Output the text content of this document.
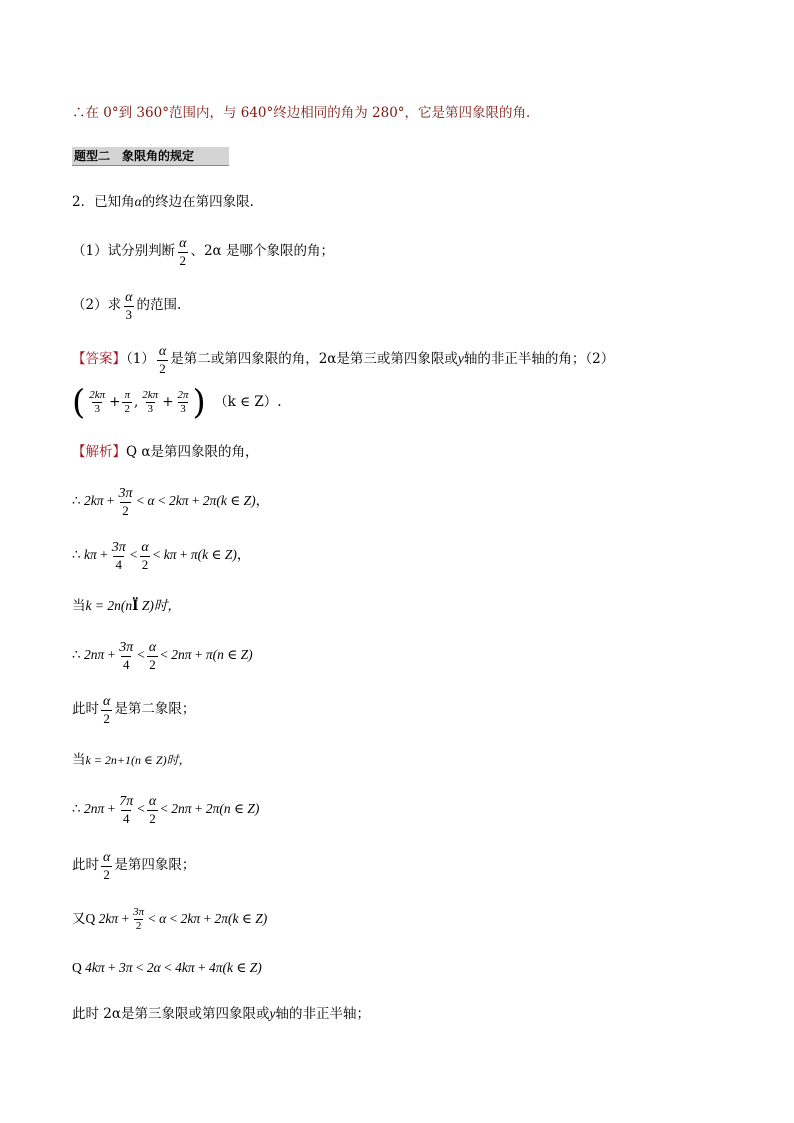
∴在 0°到 360°范围内，与 640°终边相同的角为 280°，它是第四象限的角．
题型二　象限角的规定
2．已知角α的终边在第四象限.
（1）试分别判断 $\frac{\alpha}{2}$ 、2α 是哪个象限的角；
（2）求 $\frac{\alpha}{3}$ 的范围.
【答案】$(1) \frac{\alpha}{2}$ 是第二或第四象限的角，2α是第三或第四象限或y轴的非正半轴的角；（2）
( $\frac{2k\pi}{3} + \frac{\pi}{2}$ , $\frac{2k\pi}{3} + \frac{2\pi}{3}$ ) （k ∈ Z）.
【解析】Q α是第四象限的角，
∴ $2k\pi + \frac{3\pi}{2} < \alpha < 2k\pi + 2\pi(k$ ∈ Z)，
∴ $k\pi + \frac{3\pi}{4} < \frac{\alpha}{2} < k\pi + \pi(k$ ∈ Z)，
当k = 2n(nÏ Z)时，
∴ $2n\pi + \frac{3\pi}{4} < \frac{\alpha}{2} < 2n\pi + \pi(n$ ∈ Z)
此时 $\frac{\alpha}{2}$ 是第二象限；
当k = 2n+1(n ∈ Z)时，
∴ $2n\pi + \frac{7\pi}{4} < \frac{\alpha}{2} < 2n\pi + 2\pi(n$ ∈ Z)
此时 $\frac{\alpha}{2}$ 是第四象限；
又Q $2k\pi + \frac{3\pi}{2} < \alpha < 2k\pi + 2\pi(k$ ∈ Z)
Q 4kπ + 3π < 2α < 4kπ + 4π(k ∈ Z)
此时 2α是第三象限或第四象限或y轴的非正半轴；
